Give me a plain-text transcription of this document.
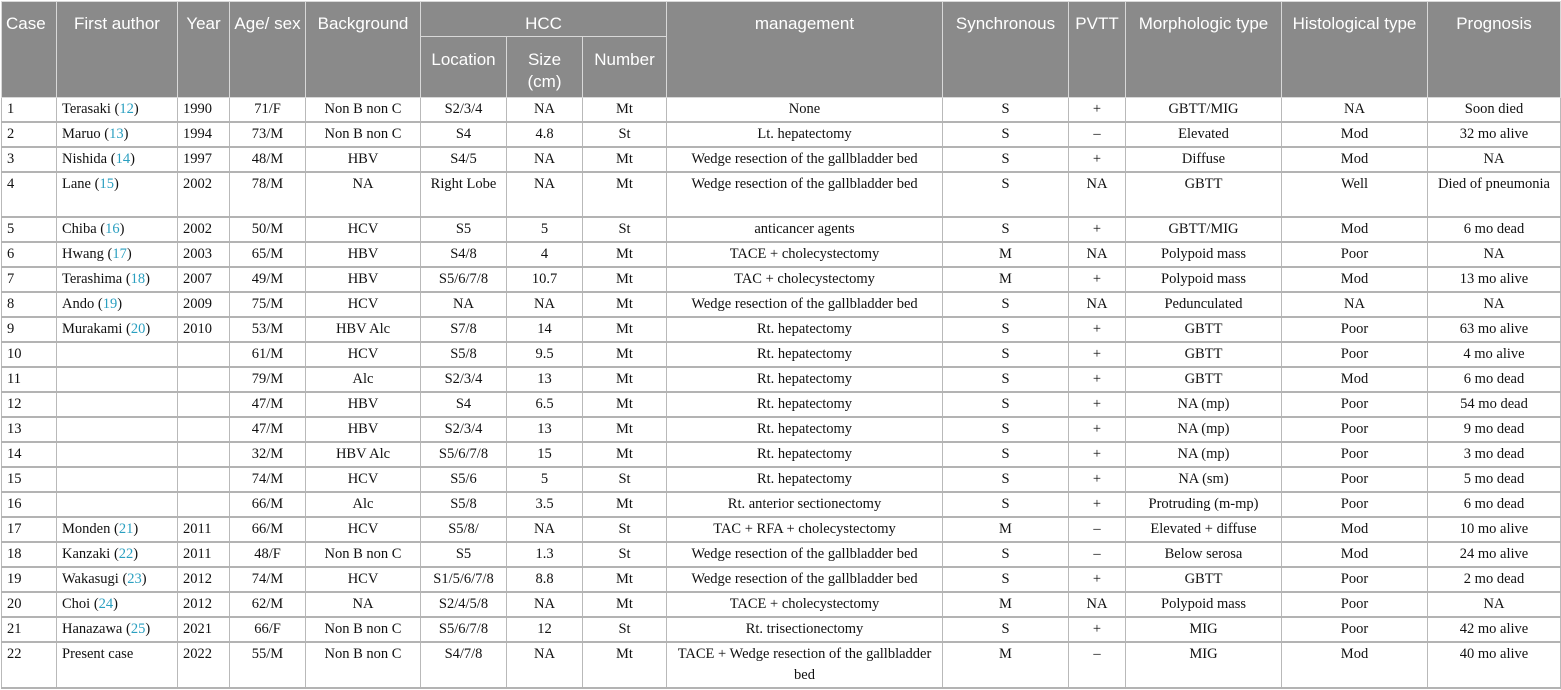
Case	First author	Year	Age/ sex	Background	HCC			management	Synchronous	PVTT	Morphologic type	Histological type	Prognosis
					Location	Size (cm)	Number						
1	Terasaki (12)	1990	71/F	Non B non C	S2/3/4	NA	Mt	None	S	+	GBTT/MIG	NA	Soon died
2	Maruo (13)	1994	73/M	Non B non C	S4	4.8	St	Lt. hepatectomy	S	–	Elevated	Mod	32 mo alive
3	Nishida (14)	1997	48/M	HBV	S4/5	NA	Mt	Wedge resection of the gallbladder bed	S	+	Diffuse	Mod	NA
4	Lane (15)	2002	78/M	NA	Right Lobe	NA	Mt	Wedge resection of the gallbladder bed	S	NA	GBTT	Well	Died of pneumonia
5	Chiba (16)	2002	50/M	HCV	S5	5	St	anticancer agents	S	+	GBTT/MIG	Mod	6 mo dead
6	Hwang (17)	2003	65/M	HBV	S4/8	4	Mt	TACE + cholecystectomy	M	NA	Polypoid mass	Poor	NA
7	Terashima (18)	2007	49/M	HBV	S5/6/7/8	10.7	Mt	TAC + cholecystectomy	M	+	Polypoid mass	Mod	13 mo alive
8	Ando (19)	2009	75/M	HCV	NA	NA	Mt	Wedge resection of the gallbladder bed	S	NA	Pedunculated	NA	NA
9	Murakami (20)	2010	53/M	HBV Alc	S7/8	14	Mt	Rt. hepatectomy	S	+	GBTT	Poor	63 mo alive
10			61/M	HCV	S5/8	9.5	Mt	Rt. hepatectomy	S	+	GBTT	Poor	4 mo alive
11			79/M	Alc	S2/3/4	13	Mt	Rt. hepatectomy	S	+	GBTT	Mod	6 mo dead
12			47/M	HBV	S4	6.5	Mt	Rt. hepatectomy	S	+	NA (mp)	Poor	54 mo dead
13			47/M	HBV	S2/3/4	13	Mt	Rt. hepatectomy	S	+	NA (mp)	Poor	9 mo dead
14			32/M	HBV Alc	S5/6/7/8	15	Mt	Rt. hepatectomy	S	+	NA (mp)	Poor	3 mo dead
15			74/M	HCV	S5/6	5	St	Rt. hepatectomy	S	+	NA (sm)	Poor	5 mo dead
16			66/M	Alc	S5/8	3.5	Mt	Rt. anterior sectionectomy	S	+	Protruding (m-mp)	Poor	6 mo dead
17	Monden (21)	2011	66/M	HCV	S5/8/	NA	St	TAC + RFA + cholecystectomy	M	–	Elevated + diffuse	Mod	10 mo alive
18	Kanzaki (22)	2011	48/F	Non B non C	S5	1.3	St	Wedge resection of the gallbladder bed	S	–	Below serosa	Mod	24 mo alive
19	Wakasugi (23)	2012	74/M	HCV	S1/5/6/7/8	8.8	Mt	Wedge resection of the gallbladder bed	S	+	GBTT	Poor	2 mo dead
20	Choi (24)	2012	62/M	NA	S2/4/5/8	NA	Mt	TACE + cholecystectomy	M	NA	Polypoid mass	Poor	NA
21	Hanazawa (25)	2021	66/F	Non B non C	S5/6/7/8	12	St	Rt. trisectionectomy	S	+	MIG	Poor	42 mo alive
22	Present case	2022	55/M	Non B non C	S4/7/8	NA	Mt	TACE + Wedge resection of the gallbladder bed	M	–	MIG	Mod	40 mo alive
